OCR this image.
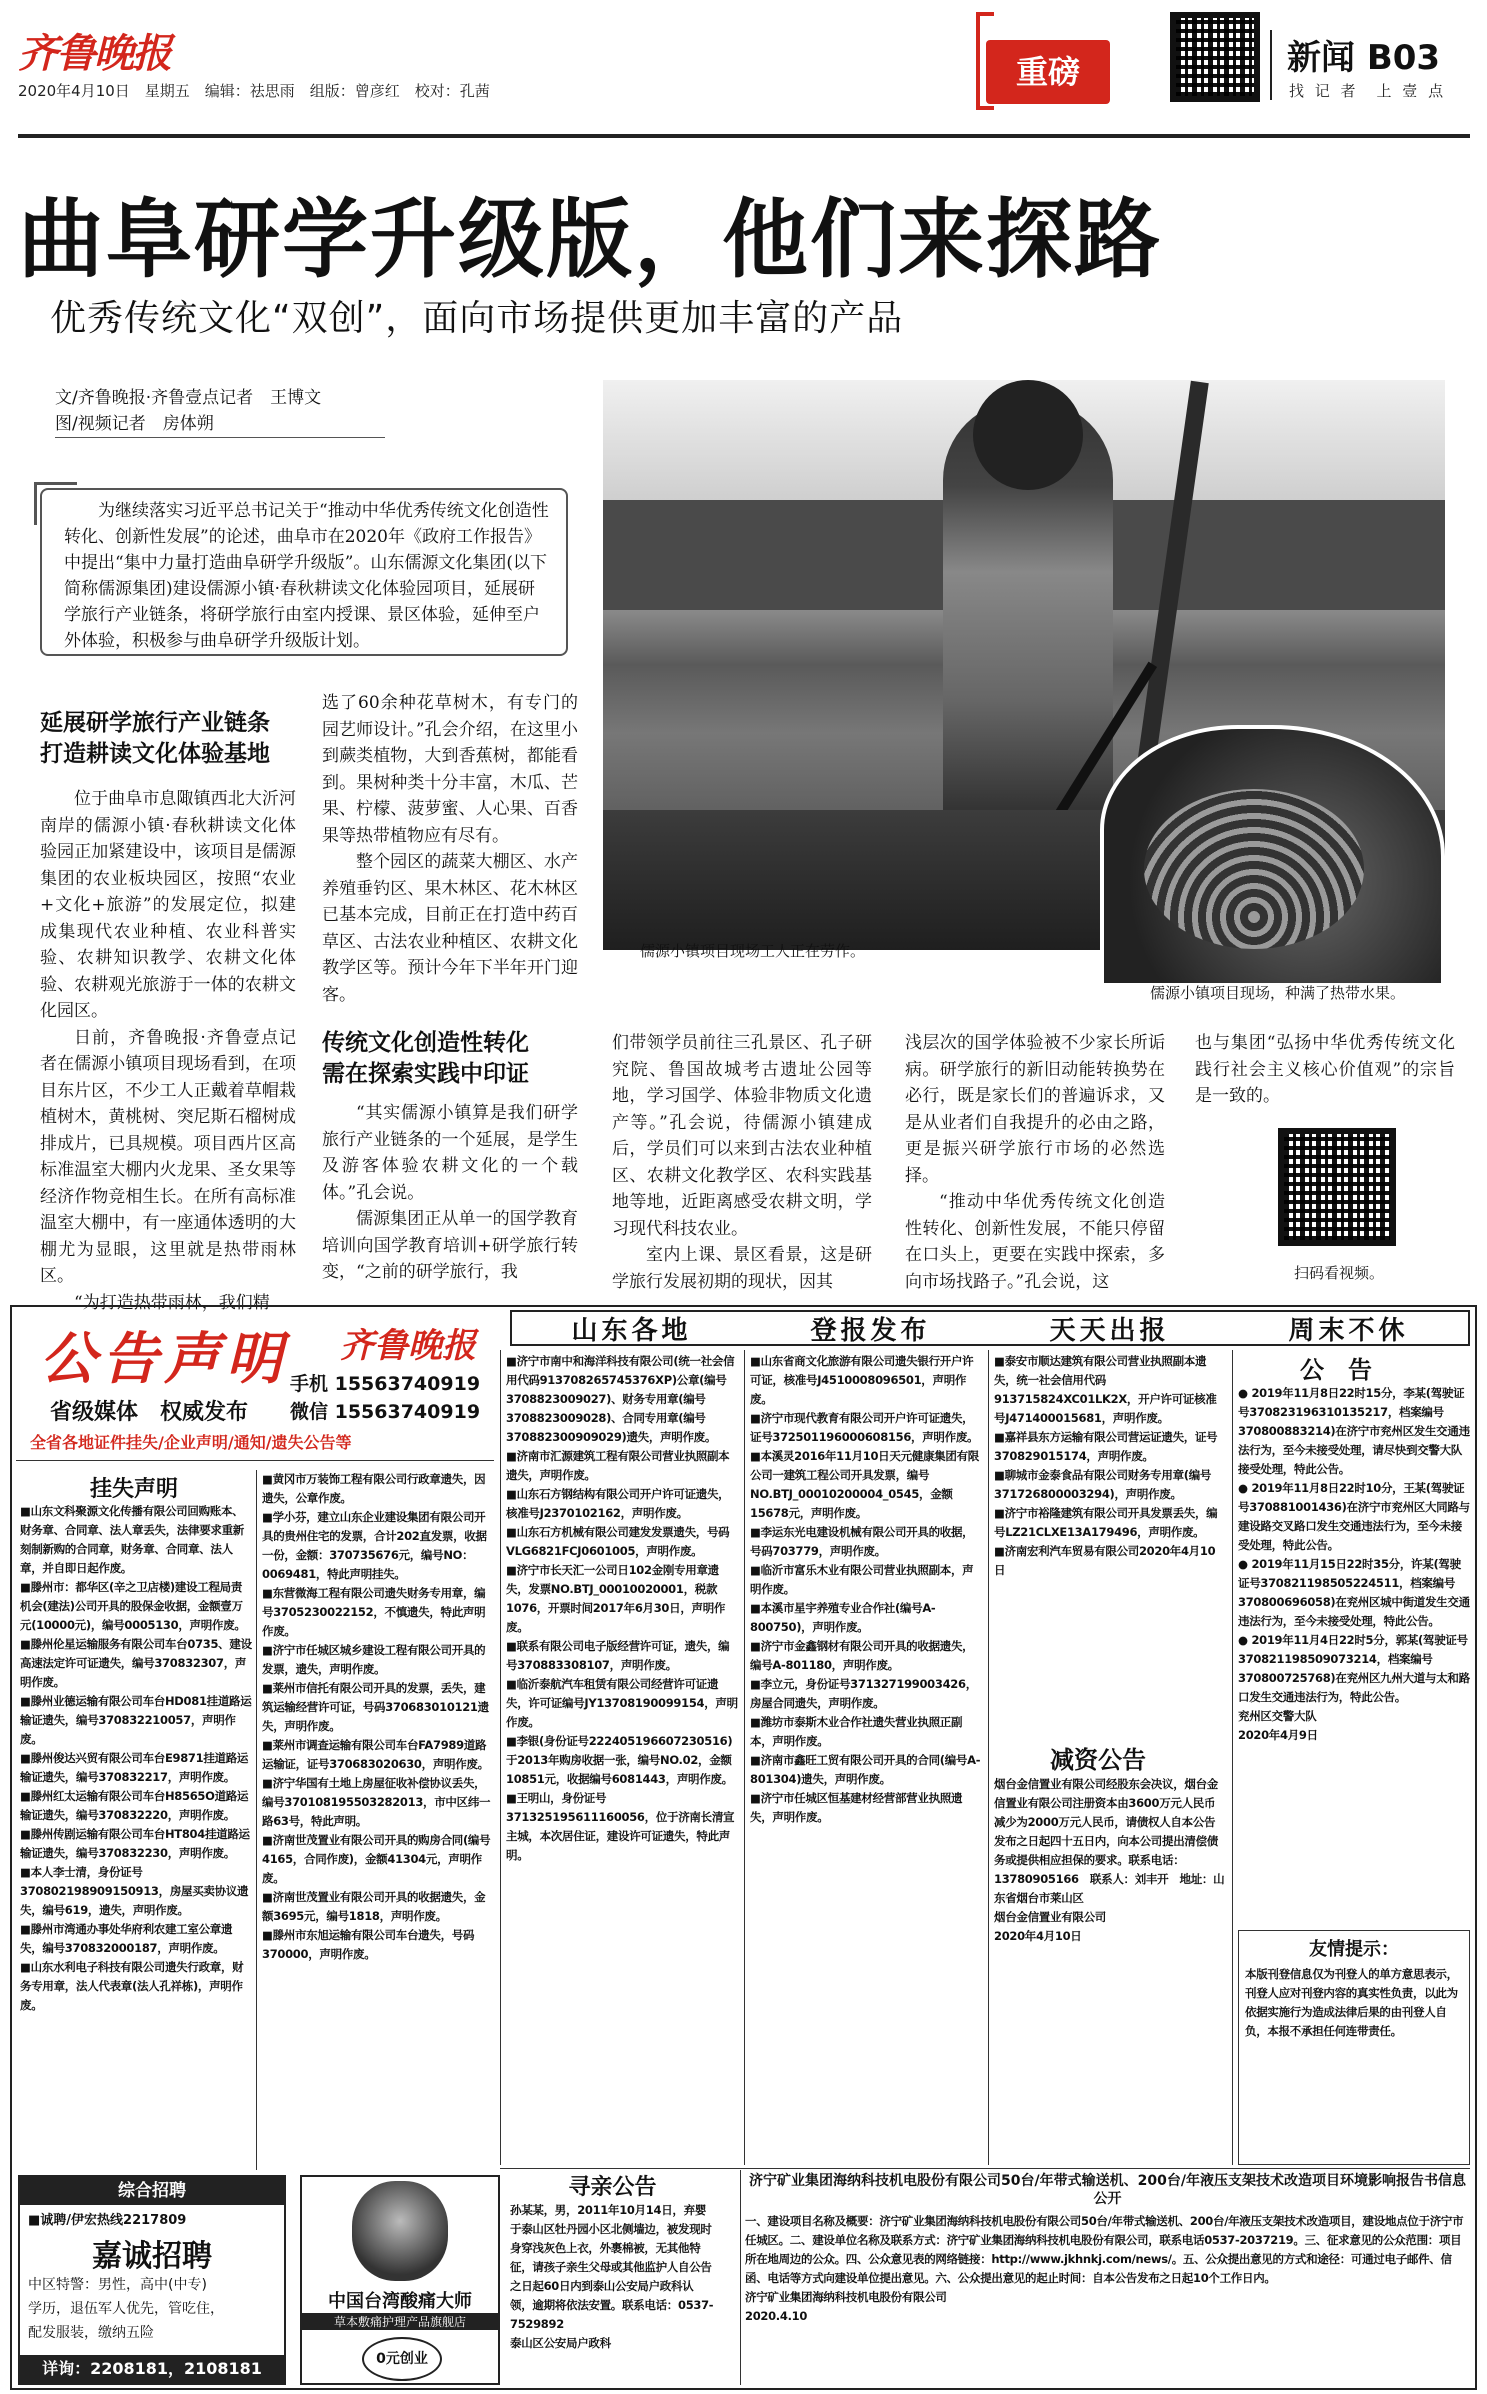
齐鲁晚报
2020年4月10日　星期五　编辑：祛思雨　组版：曾彦红　校对：孔茜	重磅	新闻 B03
找 记 者　上 壹 点
曲阜研学升级版，他们来探路
优秀传统文化“双创”，面向市场提供更加丰富的产品
文/齐鲁晚报·齐鲁壹点记者　王博文
图/视频记者　房体朔
为继续落实习近平总书记关于“推动中华优秀传统文化创造性转化、创新性发展”的论述，曲阜市在2020年《政府工作报告》中提出“集中力量打造曲阜研学升级版”。山东儒源文化集团(以下简称儒源集团)建设儒源小镇·春秋耕读文化体验园项目，延展研学旅行产业链条，将研学旅行由室内授课、景区体验，延伸至户外体验，积极参与曲阜研学升级版计划。
儒源小镇项目现场工人正在劳作。
儒源小镇项目现场，种满了热带水果。
延展研学旅行产业链条
打造耕读文化体验基地

位于曲阜市息陬镇西北大沂河南岸的儒源小镇·春秋耕读文化体验园正加紧建设中，该项目是儒源集团的农业板块园区，按照“农业+文化+旅游”的发展定位，拟建成集现代农业种植、农业科普实验、农耕知识教学、农耕文化体验、农耕观光旅游于一体的农耕文化园区。

日前，齐鲁晚报·齐鲁壹点记者在儒源小镇项目现场看到，在项目东片区，不少工人正戴着草帽栽植树木，黄桃树、突尼斯石榴树成排成片，已具规模。项目西片区高标准温室大棚内火龙果、圣女果等经济作物竞相生长。在所有高标准温室大棚中，有一座通体透明的大棚尤为显眼，这里就是热带雨林区。

“为打造热带雨林，我们精

选了60余种花草树木，有专门的园艺师设计。”孔会介绍，在这里小到蕨类植物，大到香蕉树，都能看到。果树种类十分丰富，木瓜、芒果、柠檬、菠萝蜜、人心果、百香果等热带植物应有尽有。

整个园区的蔬菜大棚区、水产养殖垂钓区、果木林区、花木林区已基本完成，目前正在打造中药百草区、古法农业种植区、农耕文化教学区等。预计今年下半年开门迎客。

传统文化创造性转化
需在探索实践中印证

“其实儒源小镇算是我们研学旅行产业链条的一个延展，是学生及游客体验农耕文化的一个载体。”孔会说。

儒源集团正从单一的国学教育培训向国学教育培训+研学旅行转变，“之前的研学旅行，我

们带领学员前往三孔景区、孔子研究院、鲁国故城考古遗址公园等地，学习国学、体验非物质文化遗产等。”孔会说，待儒源小镇建成后，学员们可以来到古法农业种植区、农耕文化教学区、农科实践基地等地，近距离感受农耕文明，学习现代科技农业。

室内上课、景区看景，这是研学旅行发展初期的现状，因其

浅层次的国学体验被不少家长所诟病。研学旅行的新旧动能转换势在必行，既是家长们的普遍诉求，又是从业者们自我提升的必由之路，更是振兴研学旅行市场的必然选择。

“推动中华优秀传统文化创造性转化、创新性发展，不能只停留在口头上，更要在实践中探索，多向市场找路子。”孔会说，这

也与集团“弘扬中华优秀传统文化践行社会主义核心价值观”的宗旨是一致的。

扫码看视频。
公告声明 齐鲁晚报
手机 15563740919
微信 15563740919
省级媒体　权威发布
全省各地证件挂失/企业声明/通知/遗失公告等
山东各地	登报发布	天天出报	周末不休
挂失声明
■山东文科聚源文化传播有限公司回购账本、财务章、合同章、法人章丢失，法律要求重新刻制新购的合同章，财务章、合同章、法人章，并自即日起作废。
■滕州市：都华区(辛之卫店楼)建设工程局责机会(建法)公司开具的股保金收据，金额壹万元(10000元)，编号0005130，声明作废。
■滕州伦星运输服务有限公司车台0735、建设高速法定许可证遗失，编号370832307，声明作废。
■滕州业德运输有限公司车台HD081挂道路运输证遗失，编号370832210057，声明作废。
■滕州俊达兴贸有限公司车台E9871挂道路运输证遗失，编号370832217，声明作废。
■滕州红太运输有限公司车台H8565O道路运输证遗失，编号370832220，声明作废。
■滕州传剧运输有限公司车台HT804挂道路运输证遗失，编号370832230，声明作废。
■本人李士清，身份证号370802198909150913，房屋买卖协议遗失，编号619，遗失，声明作废。
■滕州市湾通办事处华府利农建工室公章遗失，编号370832000187，声明作废。
■山东水利电子科技有限公司遗失行政章，财务专用章，法人代表章(法人孔祥栋)，声明作废。
■黄冈市万装饰工程有限公司行政章遗失，因遗失，公章作废。
■学小芬，建立山东企业建设集团有限公司开具的贵州住宅的发票，合计202直发票，收据一份，金额：370735676元，编号NO：0069481，特此声明挂失。
■东营微海工程有限公司遗失财务专用章，编号3705230022152，不慎遗失，特此声明作废。
■济宁市任城区城乡建设工程有限公司开具的发票，遗失，声明作废。
■莱州市信托有限公司开具的发票，丢失，建筑运输经营许可证，号码370683010121遗失，声明作废。
■莱州市调查运输有限公司车台FA7989道路运输证，证号370683020630，声明作废。
■济宁华国有土地上房屋征收补偿协议丢失，编号370108195503282013，市中区纬一路63号，特此声明。
■济南世茂置业有限公司开具的购房合同(编号4165，合同作废)，金额41304元，声明作废。
■济南世茂置业有限公司开具的收据遗失，金额3695元，编号1818，声明作废。
■滕州市东旭运输有限公司车台遗失，号码370000，声明作废。
■济宁市南中和海洋科技有限公司(统一社会信用代码913708265745376XP)公章(编号3708823009027)、财务专用章(编号3708823009028)、合同专用章(编号370882300909029)遗失，声明作废。
■济南市汇源建筑工程有限公司营业执照副本遗失，声明作废。
■山东石方钢结构有限公司开户许可证遗失，核准号J2370102162，声明作废。
■山东石方机械有限公司建发发票遗失，号码VLG6821FCJ0601005，声明作废。
■济宁市长天汇一公司日102金刚专用章遗失，发票NO.BTJ_00010020001，税款1076，开票时间2017年6月30日，声明作废。
■联系有限公司电子版经营许可证，遗失，编号370883308107，声明作废。
■临沂泰航汽车租赁有限公司经营许可证遗失，许可证编号JY13708190099154，声明作废。
■李银(身份证号222405196607230516)于2013年购房收据一张，编号NO.02，金额10851元，收据编号6081443，声明作废。
■王明山，身份证号371325195611160056，位于济南长清宣主城，本次居住证，建设许可证遗失，特此声明。
■山东省商文化旅游有限公司遗失银行开户许可证，核准号J4510008096501，声明作废。
■济宁市现代教育有限公司开户许可证遗失，证号372501196000608156，声明作废。
■本溪灵2016年11月10日天元健康集团有限公司一建筑工程公司开具发票，编号NO.BTJ_00010200004_0545，金额15678元，声明作废。
■李运东光电建设机械有限公司开具的收据，号码703779，声明作废。
■临沂市富乐木业有限公司营业执照副本，声明作废。
■本溪市星宇养殖专业合作社(编号A-800750)，声明作废。
■济宁市金鑫钢材有限公司开具的收据遗失，编号A-801180，声明作废。
■李立元，身份证号371327199003426，房屋合同遗失，声明作废。
■潍坊市泰斯木业合作社遗失营业执照正副本，声明作废。
■济南市鑫旺工贸有限公司开具的合同(编号A-801304)遗失，声明作废。
■济宁市任城区恒基建材经营部营业执照遗失，声明作废。
■泰安市顺达建筑有限公司营业执照副本遗失，统一社会信用代码913715824XC01LK2X，开户许可证核准号J471400015681，声明作废。
■嘉祥县东方运输有限公司营运证遗失，证号370829015174，声明作废。
■聊城市金泰食品有限公司财务专用章(编号371726800003294)，声明作废。
■济宁市裕隆建筑有限公司开具发票丢失，编号LZ21CLXE13A179496，声明作废。
■济南宏利汽车贸易有限公司2020年4月10日
减资公告
烟台金信置业有限公司经股东会决议，烟台金信置业有限公司注册资本由3600万元人民币减少为2000万元人民币，请债权人自本公告发布之日起四十五日内，向本公司提出清偿债务或提供相应担保的要求。联系电话：13780905166　联系人：刘丰开　地址：山东省烟台市莱山区
烟台金信置业有限公司
2020年4月10日
公　告
● 2019年11月8日22时15分，李某(驾驶证号370823196310135217，档案编号370800883214)在济宁市兖州区发生交通违法行为，至今未接受处理，请尽快到交警大队接受处理，特此公告。
● 2019年11月8日22时10分，王某(驾驶证号370881001436)在济宁市兖州区大同路与建设路交叉路口发生交通违法行为，至今未接受处理，特此公告。
● 2019年11月15日22时35分，许某(驾驶证号370821198505224511，档案编号370800696058)在兖州区城中街道发生交通违法行为，至今未接受处理，特此公告。
● 2019年11月4日22时5分，郭某(驾驶证号370821198509073214，档案编号370800725768)在兖州区九州大道与太和路口发生交通违法行为，特此公告。
兖州区交警大队
2020年4月9日
友情提示：
本版刊登信息仅为刊登人的单方意思表示，刊登人应对刊登内容的真实性负责，以此为依据实施行为造成法律后果的由刊登人自负，本报不承担任何连带责任。
济宁矿业集团海纳科技机电股份有限公司50台/年带式输送机、200台/年液压支架技术改造项目环境影响报告书信息公开
一、建设项目名称及概要：济宁矿业集团海纳科技机电股份有限公司50台/年带式输送机、200台/年液压支架技术改造项目，建设地点位于济宁市任城区。二、建设单位名称及联系方式：济宁矿业集团海纳科技机电股份有限公司，联系电话0537-2037219。三、征求意见的公众范围：项目所在地周边的公众。四、公众意见表的网络链接：http://www.jkhnkj.com/news/。五、公众提出意见的方式和途径：可通过电子邮件、信函、电话等方式向建设单位提出意见。六、公众提出意见的起止时间：自本公告发布之日起10个工作日内。
济宁矿业集团海纳科技机电股份有限公司
2020.4.10
寻亲公告
孙某某，男，2011年10月14日，弃婴于泰山区牡丹园小区北侧墙边，被发现时身穿浅灰色上衣，外裹棉被，无其他特征，请孩子亲生父母或其他监护人自公告之日起60日内到泰山公安局户政科认领，逾期将依法安置。联系电话：0537-7529892
泰山区公安局户政科
综合招聘
■诚聘/伊宏热线2217809
嘉诚招聘
中区特警：男性，高中(中专)
学历，退伍军人优先，管吃住，
配发服装，缴纳五险
详询：2208181，2108181
中国台湾酸痛大师
草本敷痛护理产品旗舰店
0元创业
